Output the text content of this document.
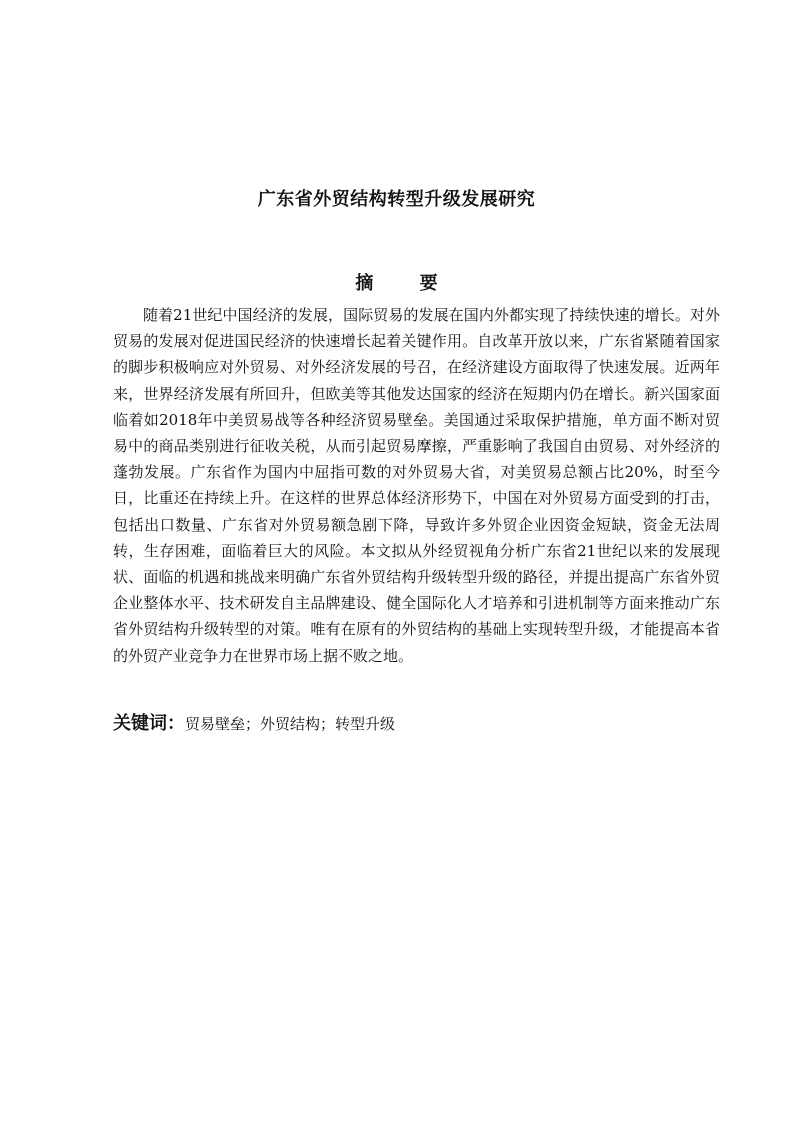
广东省外贸结构转型升级发展研究
摘 要

随着21世纪中国经济的发展，国际贸易的发展在国内外都实现了持续快速的增长。对外贸易的发展对促进国民经济的快速增长起着关键作用。自改革开放以来，广东省紧随着国家的脚步积极响应对外贸易、对外经济发展的号召，在经济建设方面取得了快速发展。近两年来，世界经济发展有所回升，但欧美等其他发达国家的经济在短期内仍在增长。新兴国家面临着如2018年中美贸易战等各种经济贸易壁垒。美国通过采取保护措施，单方面不断对贸易中的商品类别进行征收关税，从而引起贸易摩擦，严重影响了我国自由贸易、对外经济的蓬勃发展。广东省作为国内中屈指可数的对外贸易大省，对美贸易总额占比20%，时至今日，比重还在持续上升。在这样的世界总体经济形势下，中国在对外贸易方面受到的打击，包括出口数量、广东省对外贸易额急剧下降，导致许多外贸企业因资金短缺，资金无法周转，生存困难，面临着巨大的风险。本文拟从外经贸视角分析广东省21世纪以来的发展现状、面临的机遇和挑战来明确广东省外贸结构升级转型升级的路径，并提出提高广东省外贸企业整体水平、技术研发自主品牌建设、健全国际化人才培养和引进机制等方面来推动广东省外贸结构升级转型的对策。唯有在原有的外贸结构的基础上实现转型升级，才能提高本省的外贸产业竞争力在世界市场上据不败之地。

关键词：贸易壁垒；外贸结构；转型升级
